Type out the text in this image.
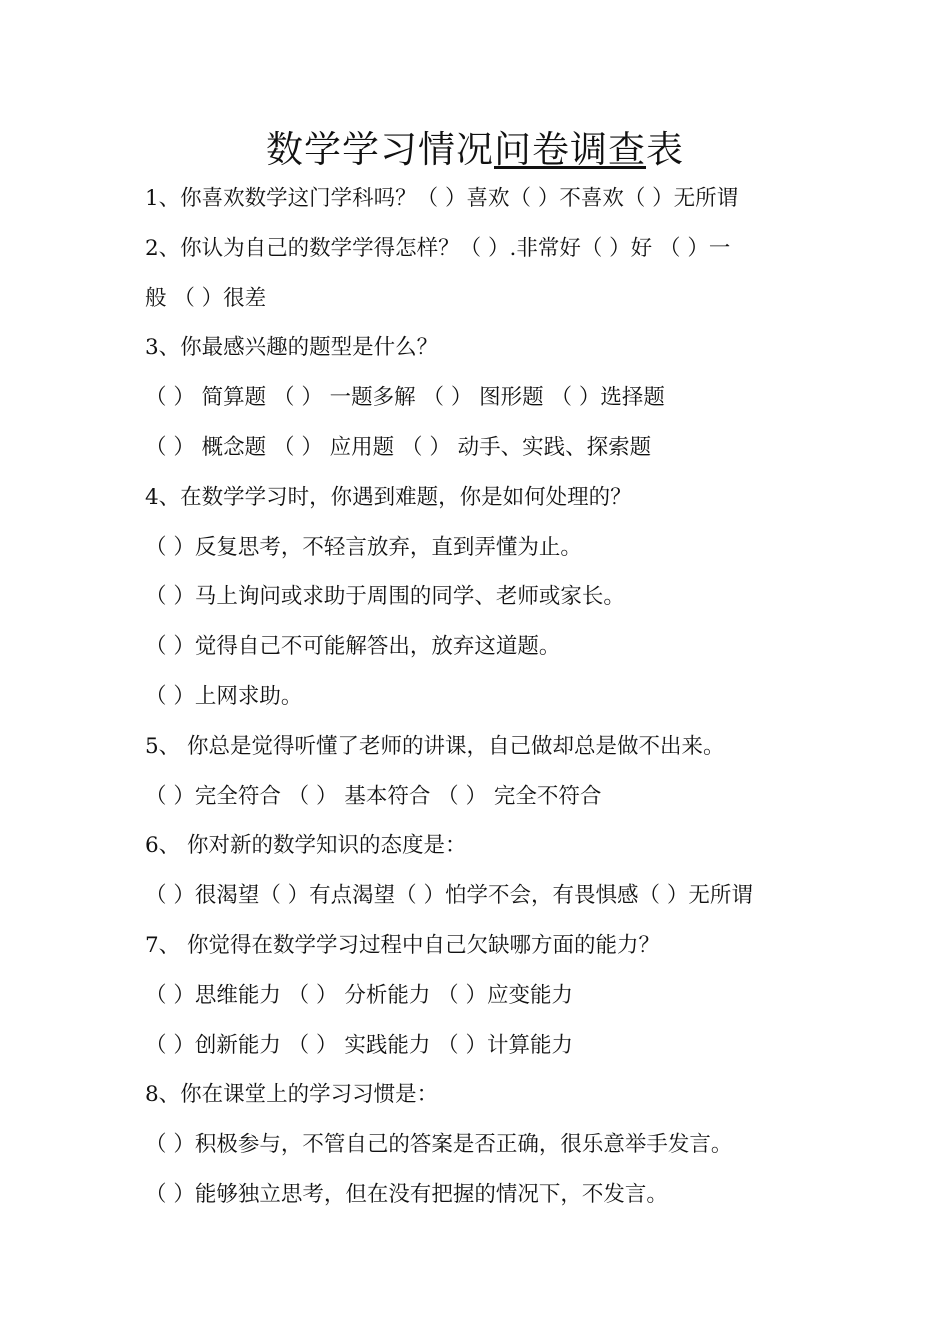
数学学习情况问卷调查表
1、你喜欢数学这门学科吗？（ ）喜欢（ ）不喜欢（ ）无所谓
2、你认为自己的数学学得怎样？（ ）.非常好（ ）好 （ ）一
般 （ ）很差
3、你最感兴趣的题型是什么？
（ ） 简算题 （ ） 一题多解 （ ） 图形题 （ ）选择题
（ ） 概念题 （ ） 应用题 （ ） 动手、实践、探索题
4、在数学学习时，你遇到难题，你是如何处理的？
（ ）反复思考，不轻言放弃，直到弄懂为止。
（ ）马上询问或求助于周围的同学、老师或家长。
（ ）觉得自己不可能解答出，放弃这道题。
（ ）上网求助。
5、 你总是觉得听懂了老师的讲课，自己做却总是做不出来。
（ ）完全符合 （ ） 基本符合 （ ） 完全不符合
6、 你对新的数学知识的态度是：
（ ）很渴望（ ）有点渴望（ ）怕学不会，有畏惧感（ ）无所谓
7、 你觉得在数学学习过程中自己欠缺哪方面的能力？
（ ）思维能力 （ ） 分析能力 （ ）应变能力
（ ）创新能力 （ ） 实践能力 （ ）计算能力
8、你在课堂上的学习习惯是：
（ ）积极参与，不管自己的答案是否正确，很乐意举手发言。
（ ）能够独立思考，但在没有把握的情况下，不发言。
